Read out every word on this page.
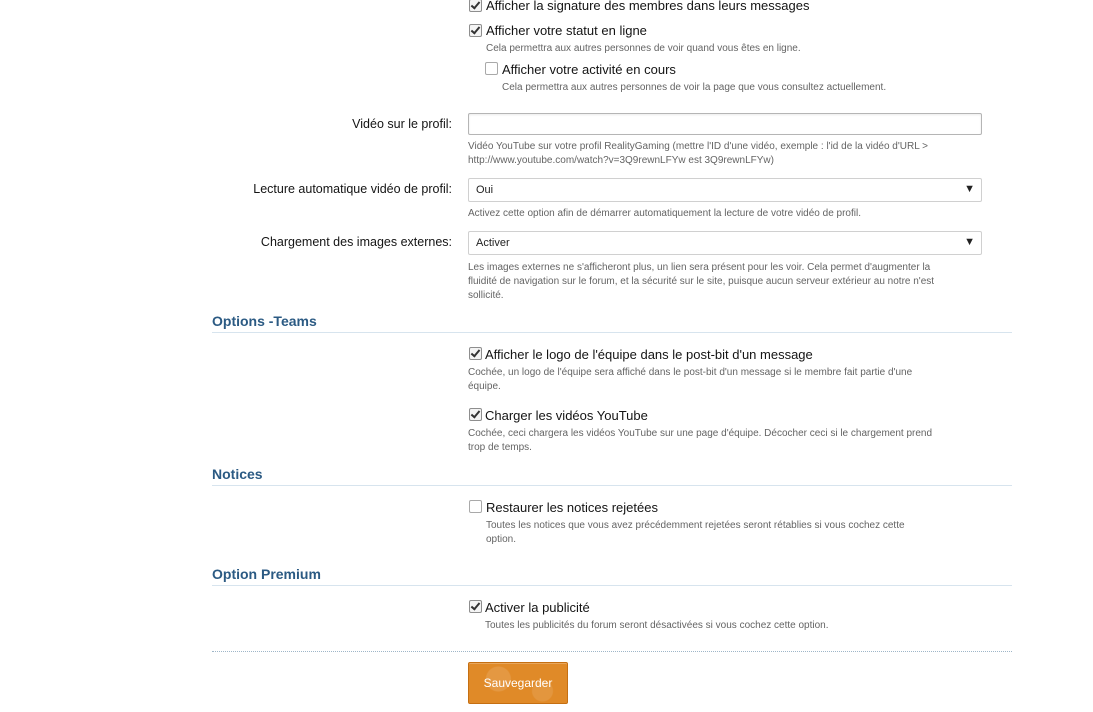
Afficher la signature des membres dans leurs messages
Afficher votre statut en ligne
Cela permettra aux autres personnes de voir quand vous êtes en ligne.
Afficher votre activité en cours
Cela permettra aux autres personnes de voir la page que vous consultez actuellement.
Vidéo sur le profil:
Vidéo YouTube sur votre profil RealityGaming (mettre l'ID d'une vidéo, exemple : l'id de la vidéo d'URL >
http://www.youtube.com/watch?v=3Q9rewnLFYw est 3Q9rewnLFYw)
Lecture automatique vidéo de profil:	Oui	▼
Activez cette option afin de démarrer automatiquement la lecture de votre vidéo de profil.
Chargement des images externes:	Activer	▼
Les images externes ne s'afficheront plus, un lien sera présent pour les voir. Cela permet d'augmenter la
fluidité de navigation sur le forum, et la sécurité sur le site, puisque aucun serveur extérieur au notre n'est
sollicité.
Options -Teams
Afficher le logo de l'équipe dans le post-bit d'un message
Cochée, un logo de l'équipe sera affiché dans le post-bit d'un message si le membre fait partie d'une
équipe.
Charger les vidéos YouTube
Cochée, ceci chargera les vidéos YouTube sur une page d'équipe. Décocher ceci si le chargement prend
trop de temps.
Notices
Restaurer les notices rejetées
Toutes les notices que vous avez précédemment rejetées seront rétablies si vous cochez cette
option.
Option Premium
Activer la publicité
Toutes les publicités du forum seront désactivées si vous cochez cette option.
Sauvegarder
